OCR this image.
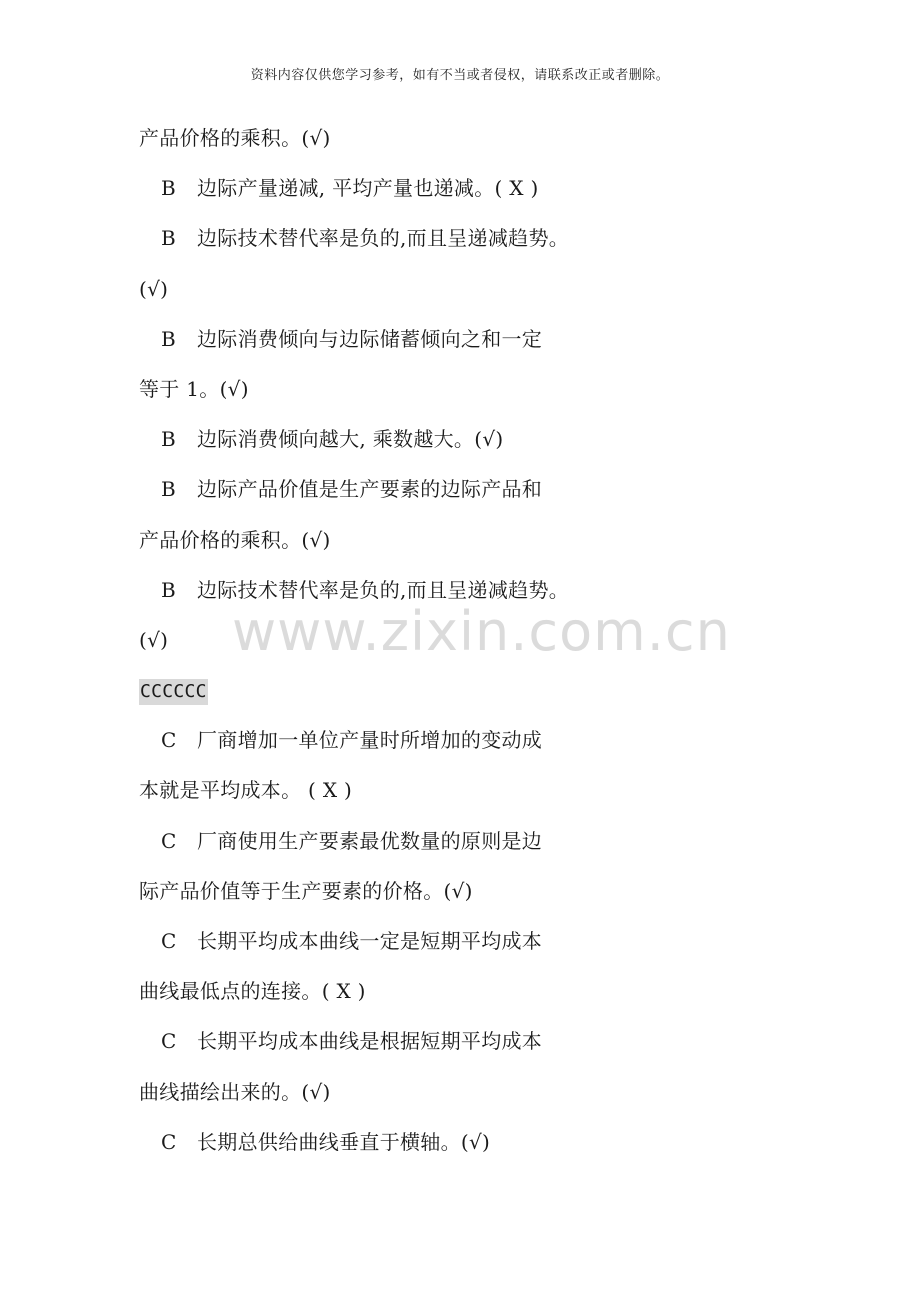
资料内容仅供您学习参考，如有不当或者侵权，请联系改正或者删除。
产品价格的乘积。(√)
B 边际产量递减, 平均产量也递减。( X )
B 边际技术替代率是负的,而且呈递减趋势。
(√)
B 边际消费倾向与边际储蓄倾向之和一定
等于 1。(√)
B 边际消费倾向越大, 乘数越大。(√)
B 边际产品价值是生产要素的边际产品和
产品价格的乘积。(√)
B 边际技术替代率是负的,而且呈递减趋势。
(√)
CCCCCC
C 厂商增加一单位产量时所增加的变动成
本就是平均成本。 ( X )
C 厂商使用生产要素最优数量的原则是边
际产品价值等于生产要素的价格。(√)
C 长期平均成本曲线一定是短期平均成本
曲线最低点的连接。( X )
C 长期平均成本曲线是根据短期平均成本
曲线描绘出来的。(√)
C 长期总供给曲线垂直于横轴。(√)
www.zixin.com.cn
